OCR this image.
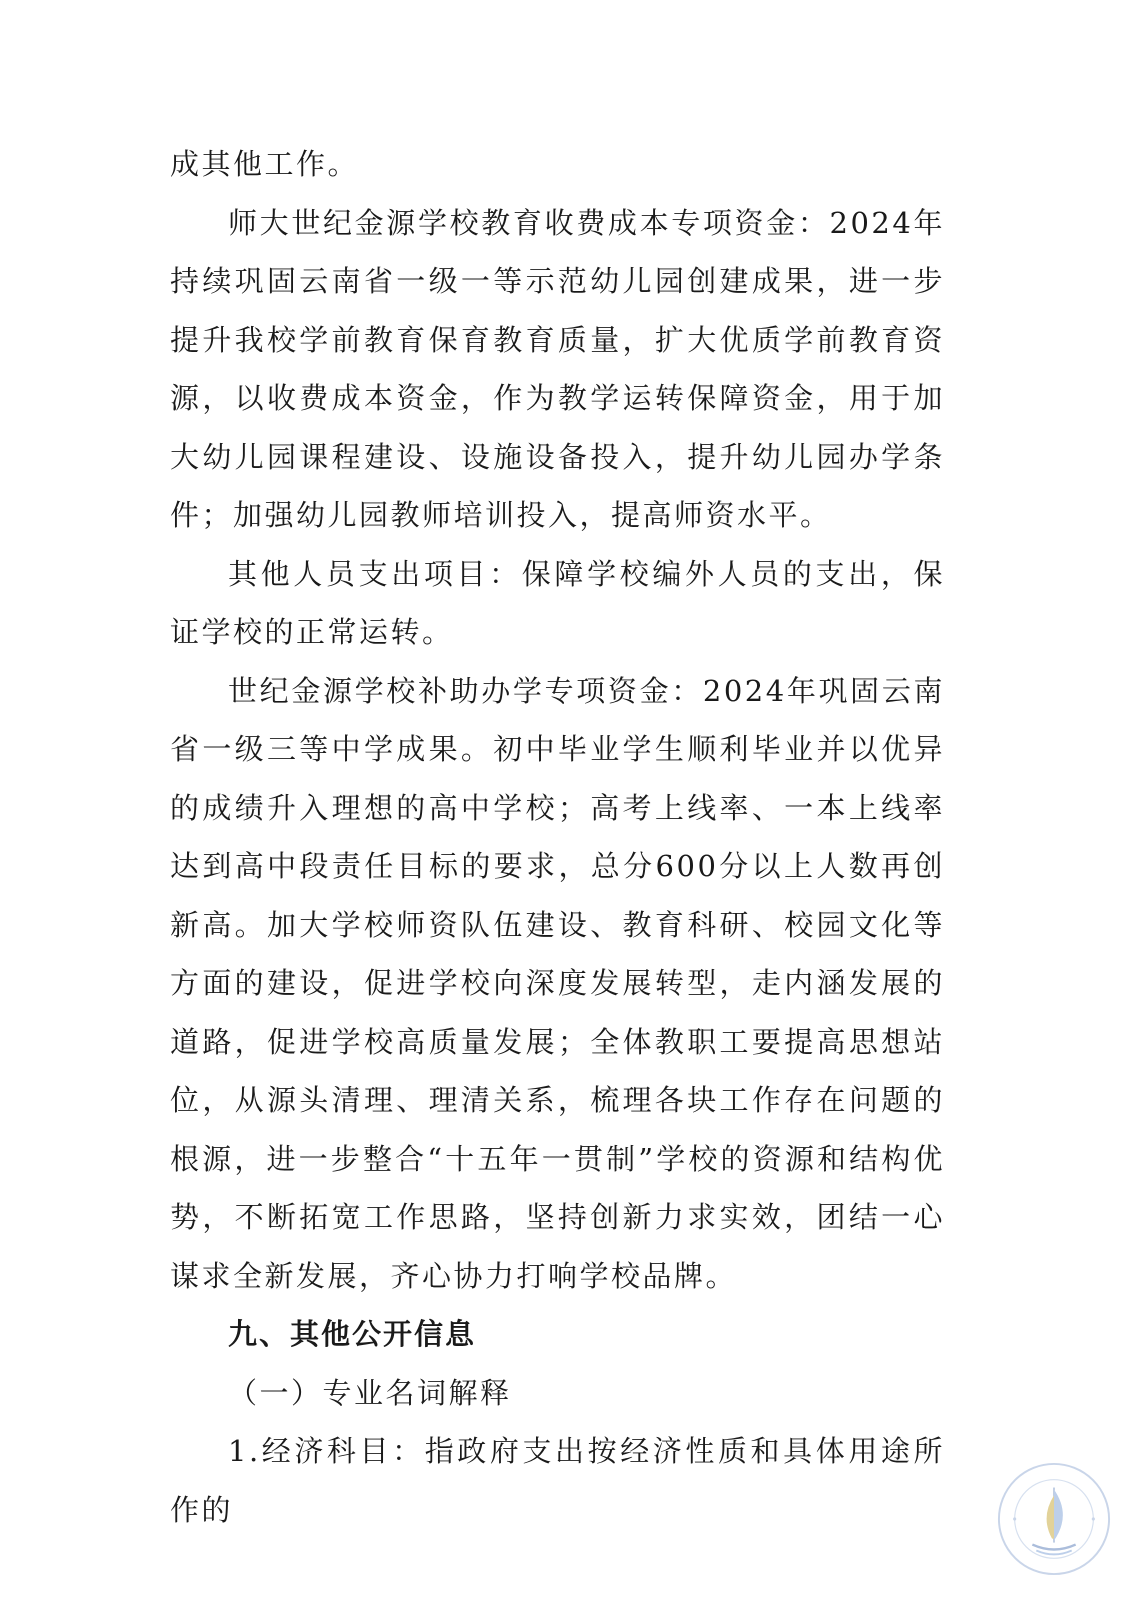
成其他工作。

师大世纪金源学校教育收费成本专项资金：2024年持续巩固云南省一级一等示范幼儿园创建成果，进一步提升我校学前教育保育教育质量，扩大优质学前教育资源，以收费成本资金，作为教学运转保障资金，用于加大幼儿园课程建设、设施设备投入，提升幼儿园办学条件；加强幼儿园教师培训投入，提高师资水平。

其他人员支出项目：保障学校编外人员的支出，保证学校的正常运转。

世纪金源学校补助办学专项资金：2024年巩固云南省一级三等中学成果。初中毕业学生顺利毕业并以优异的成绩升入理想的高中学校；高考上线率、一本上线率达到高中段责任目标的要求，总分600分以上人数再创新高。加大学校师资队伍建设、教育科研、校园文化等方面的建设，促进学校向深度发展转型，走内涵发展的道路，促进学校高质量发展；全体教职工要提高思想站位，从源头清理、理清关系，梳理各块工作存在问题的根源，进一步整合“十五年一贯制”学校的资源和结构优势，不断拓宽工作思路，坚持创新力求实效，团结一心谋求全新发展，齐心协力打响学校品牌。

九、其他公开信息

（一）专业名词解释

1.经济科目：指政府支出按经济性质和具体用途所作的
